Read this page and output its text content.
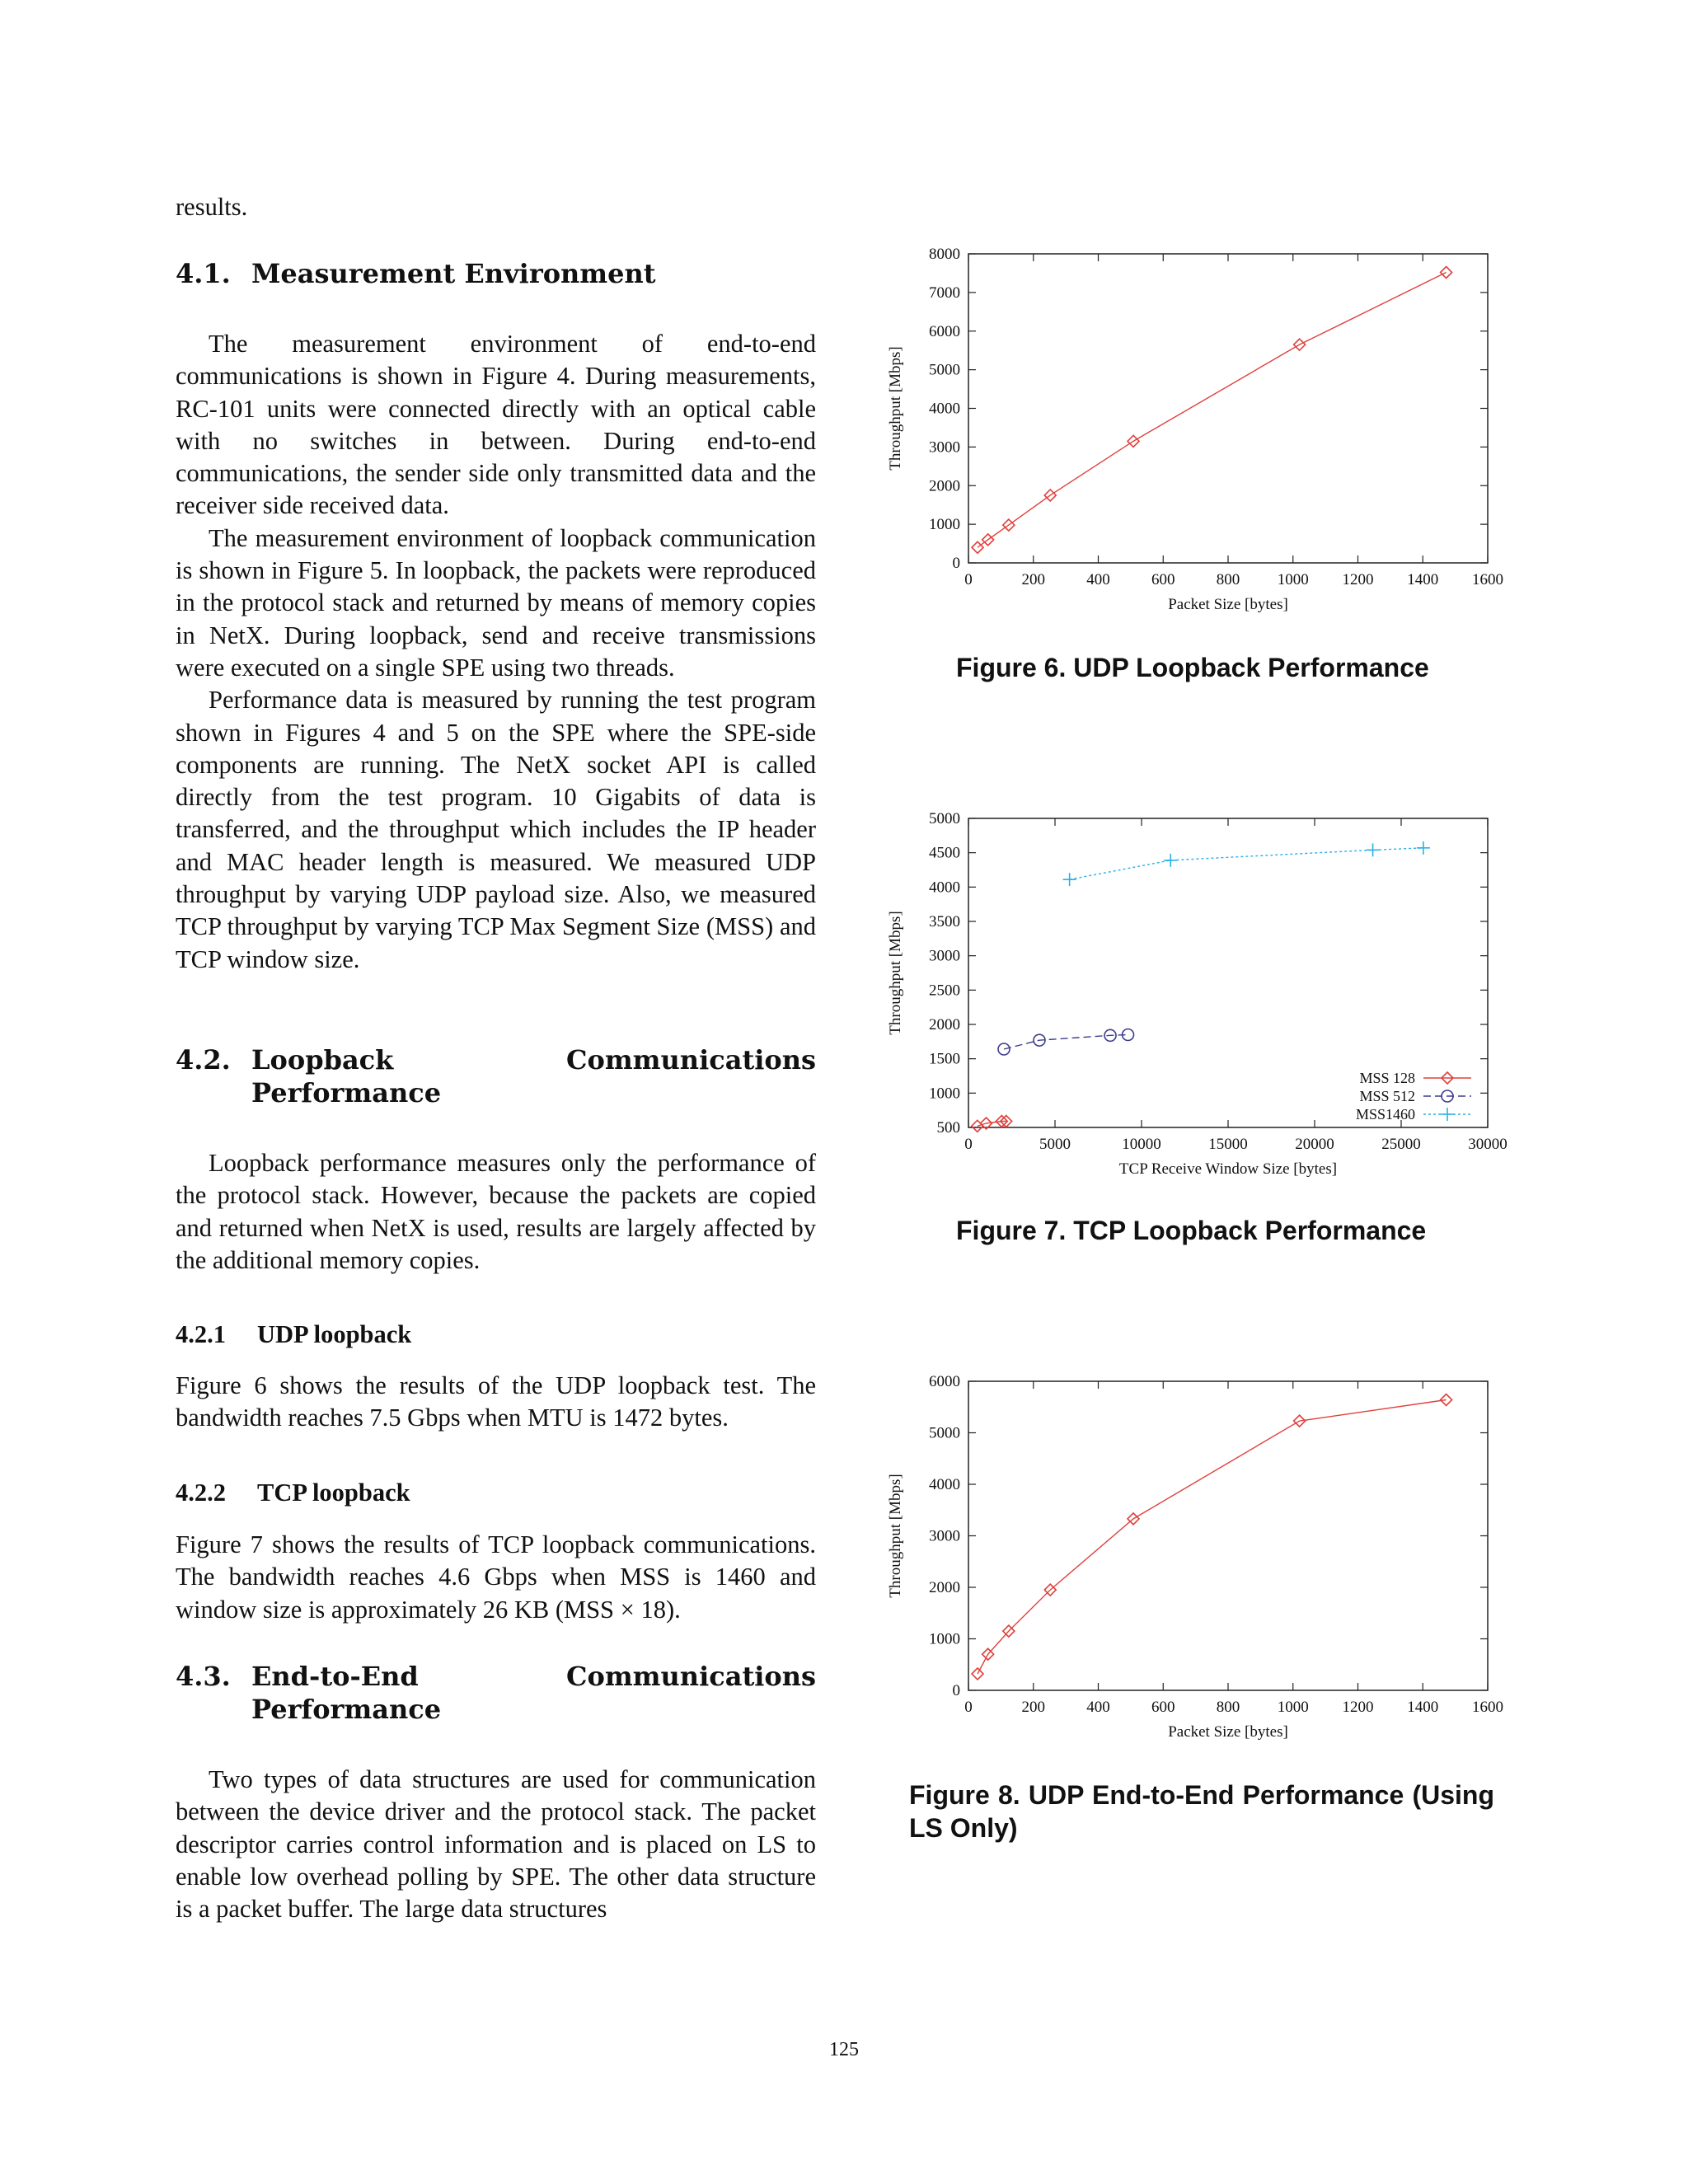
results.

4.1. Measurement Environment

The measurement environment of end-to-end communications is shown in Figure 4. During measurements, RC-101 units were connected directly with an optical cable with no switches in between. During end-to-end communications, the sender side only transmitted data and the receiver side received data.

The measurement environment of loopback communication is shown in Figure 5. In loopback, the packets were reproduced in the protocol stack and returned by means of memory copies in NetX. During loopback, send and receive transmissions were executed on a single SPE using two threads.

Performance data is measured by running the test program shown in Figures 4 and 5 on the SPE where the SPE-side components are running. The NetX socket API is called directly from the test program. 10 Gigabits of data is transferred, and the throughput which includes the IP header and MAC header length is measured. We measured UDP throughput by varying UDP payload size. Also, we measured TCP throughput by varying TCP Max Segment Size (MSS) and TCP window size.

4.2. Loopback Communications Performance

Loopback performance measures only the performance of the protocol stack. However, because the packets are copied and returned when NetX is used, results are largely affected by the additional memory copies.

4.2.1 UDP loopback

Figure 6 shows the results of the UDP loopback test. The bandwidth reaches 7.5 Gbps when MTU is 1472 bytes.

4.2.2 TCP loopback

Figure 7 shows the results of TCP loopback communications. The bandwidth reaches 4.6 Gbps when MSS is 1460 and window size is approximately 26 KB (MSS × 18).

4.3. End-to-End Communications Performance

Two types of data structures are used for communication between the device driver and the protocol stack. The packet descriptor carries control information and is placed on LS to enable low overhead polling by SPE. The other data structure is a packet buffer. The large data structures

0	200	400	600	800 1000 1200 1400 1600
0
1000
2000
3000
4000
5000
6000
7000
8000
Packet Size [bytes]
Throughput [Mbps]
Figure 6. UDP Loopback Performance
0	5000	10000	15000	20000	25000	30000
500
1000
1500
2000
2500
3000
3500
4000
4500
5000
TCP Receive Window Size [bytes]
Throughput [Mbps]
MSS 128
MSS 512
MSS1460
Figure 7. TCP Loopback Performance
0	200	400	600	800 1000 1200 1400 1600
0
1000
2000
3000
4000
5000
6000
Packet Size [bytes]
Throughput [Mbps]
Figure 8. UDP End-to-End Performance (Using LS Only)
125
